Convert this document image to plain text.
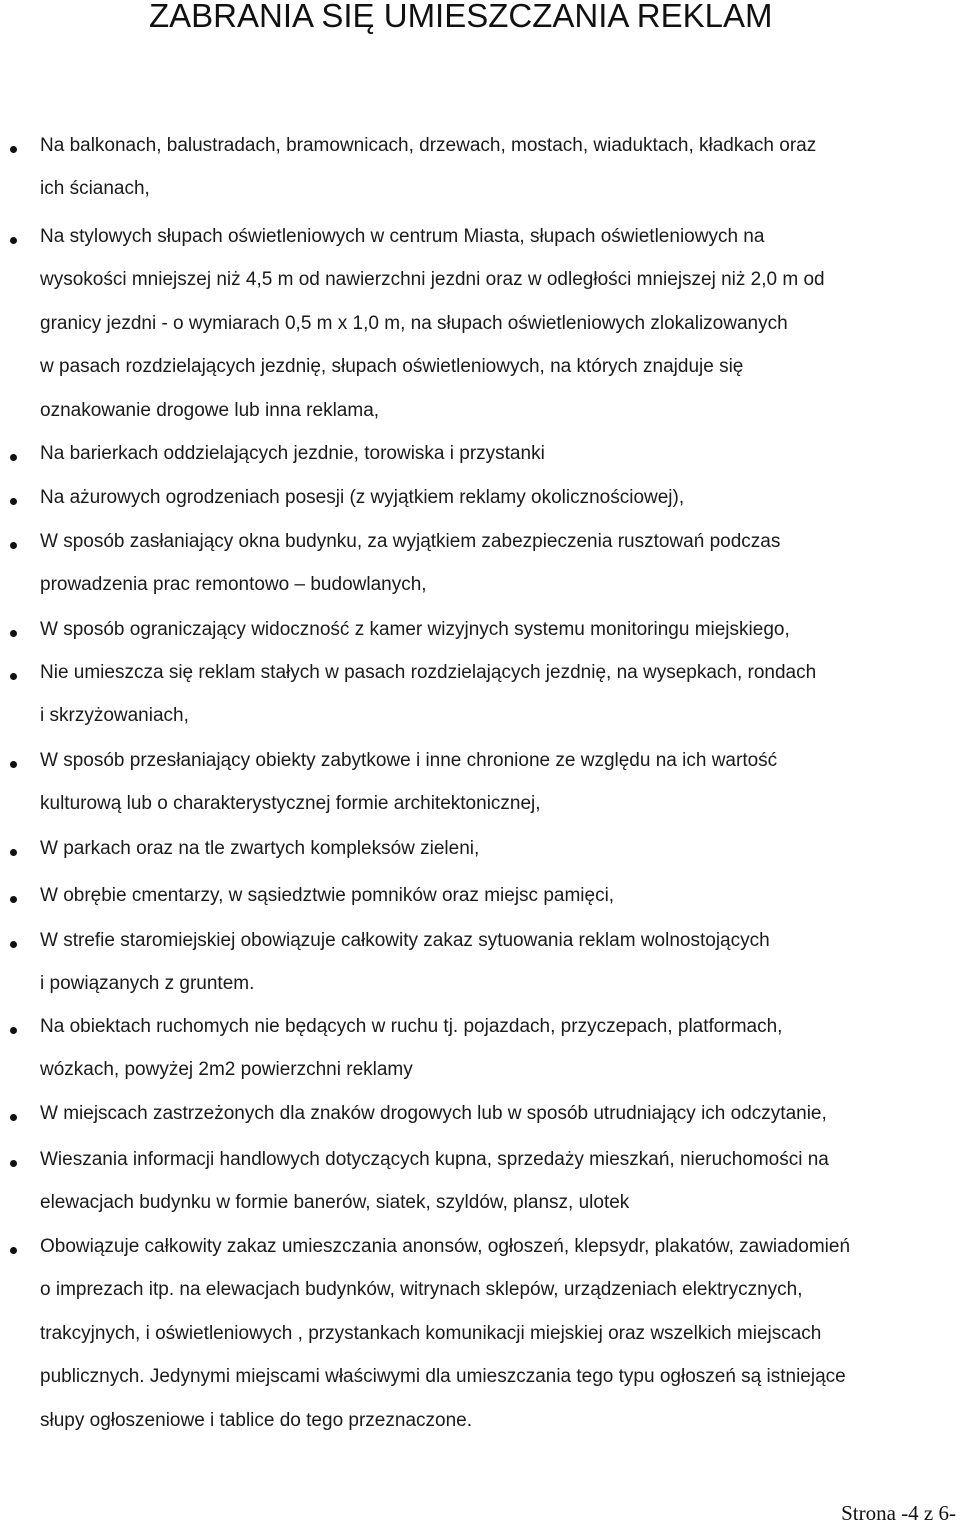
ZABRANIA SIĘ UMIESZCZANIA REKLAM
Na balkonach, balustradach, bramownicach, drzewach, mostach, wiaduktach, kładkach oraz
ich ścianach,
Na stylowych słupach oświetleniowych w centrum Miasta, słupach oświetleniowych na
wysokości mniejszej niż 4,5 m od nawierzchni jezdni oraz w odległości mniejszej niż 2,0 m od
granicy jezdni - o wymiarach 0,5 m x 1,0 m, na słupach oświetleniowych zlokalizowanych
w pasach rozdzielających jezdnię, słupach oświetleniowych, na których znajduje się
oznakowanie drogowe lub inna reklama,
Na barierkach oddzielających jezdnie, torowiska i przystanki
Na ażurowych ogrodzeniach posesji (z wyjątkiem reklamy okolicznościowej),
W sposób zasłaniający okna budynku, za wyjątkiem zabezpieczenia rusztowań podczas
prowadzenia prac remontowo – budowlanych,
W sposób ograniczający widoczność z kamer wizyjnych systemu monitoringu miejskiego,
Nie umieszcza się reklam stałych w pasach rozdzielających jezdnię, na wysepkach, rondach
i skrzyżowaniach,
W sposób przesłaniający obiekty zabytkowe i inne chronione ze względu na ich wartość
kulturową lub o charakterystycznej formie architektonicznej,
W parkach oraz na tle zwartych kompleksów zieleni,
W obrębie cmentarzy, w sąsiedztwie pomników oraz miejsc pamięci,
W strefie staromiejskiej obowiązuje całkowity zakaz sytuowania reklam wolnostojących
i powiązanych z gruntem.
Na obiektach ruchomych nie będących w ruchu tj. pojazdach, przyczepach, platformach,
wózkach, powyżej 2m2 powierzchni reklamy
W miejscach zastrzeżonych dla znaków drogowych lub w sposób utrudniający ich odczytanie,
Wieszania informacji handlowych dotyczących kupna, sprzedaży mieszkań, nieruchomości na
elewacjach budynku w formie banerów, siatek, szyldów, plansz, ulotek
Obowiązuje całkowity zakaz umieszczania anonsów, ogłoszeń, klepsydr, plakatów, zawiadomień
o imprezach itp. na elewacjach budynków, witrynach sklepów, urządzeniach elektrycznych,
trakcyjnych, i oświetleniowych , przystankach komunikacji miejskiej oraz wszelkich miejscach
publicznych. Jedynymi miejscami właściwymi dla umieszczania tego typu ogłoszeń są istniejące
słupy ogłoszeniowe i tablice do tego przeznaczone.
Strona -4 z 6-
